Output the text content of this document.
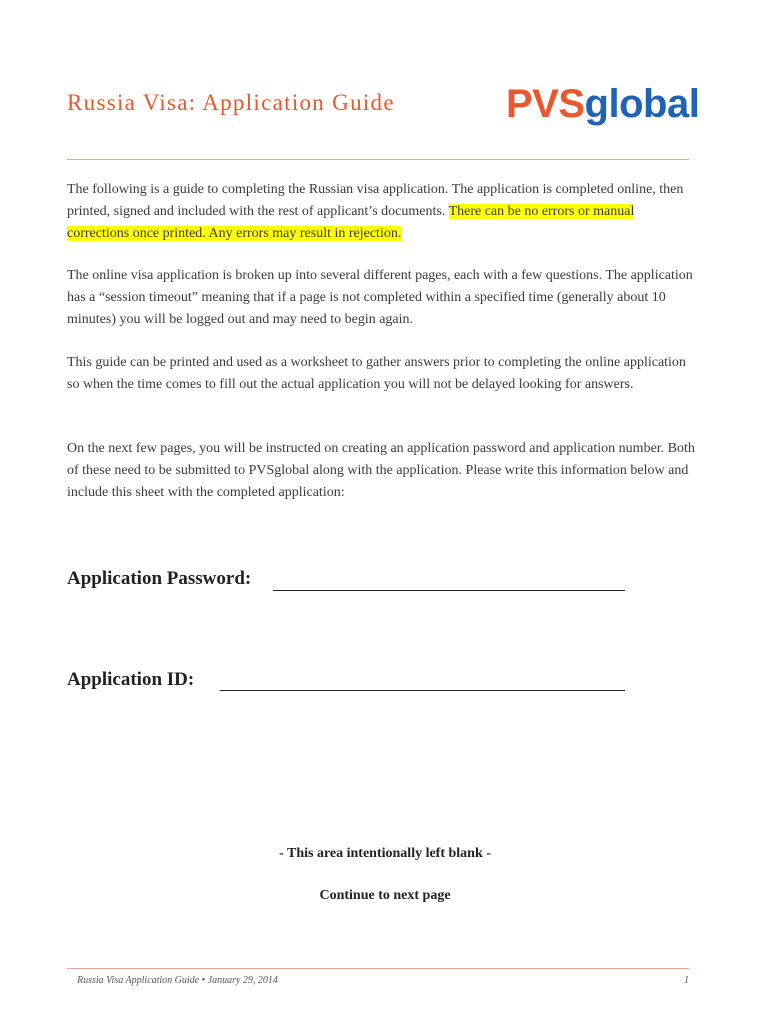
Russia Visa: Application Guide	PVSglobal
The following is a guide to completing the Russian visa application. The application is completed online, then printed, signed and included with the rest of applicant’s documents. There can be no errors or manual corrections once printed. Any errors may result in rejection.
The online visa application is broken up into several different pages, each with a few questions. The application has a “session timeout” meaning that if a page is not completed within a specified time (generally about 10 minutes) you will be logged out and may need to begin again.
This guide can be printed and used as a worksheet to gather answers prior to completing the online application so when the time comes to fill out the actual application you will not be delayed looking for answers.
On the next few pages, you will be instructed on creating an application password and application number. Both of these need to be submitted to PVSglobal along with the application. Please write this information below and include this sheet with the completed application:
Application Password:
Application ID:
- This area intentionally left blank -
Continue to next page
Russia Visa Application Guide • January 29, 2014	1
